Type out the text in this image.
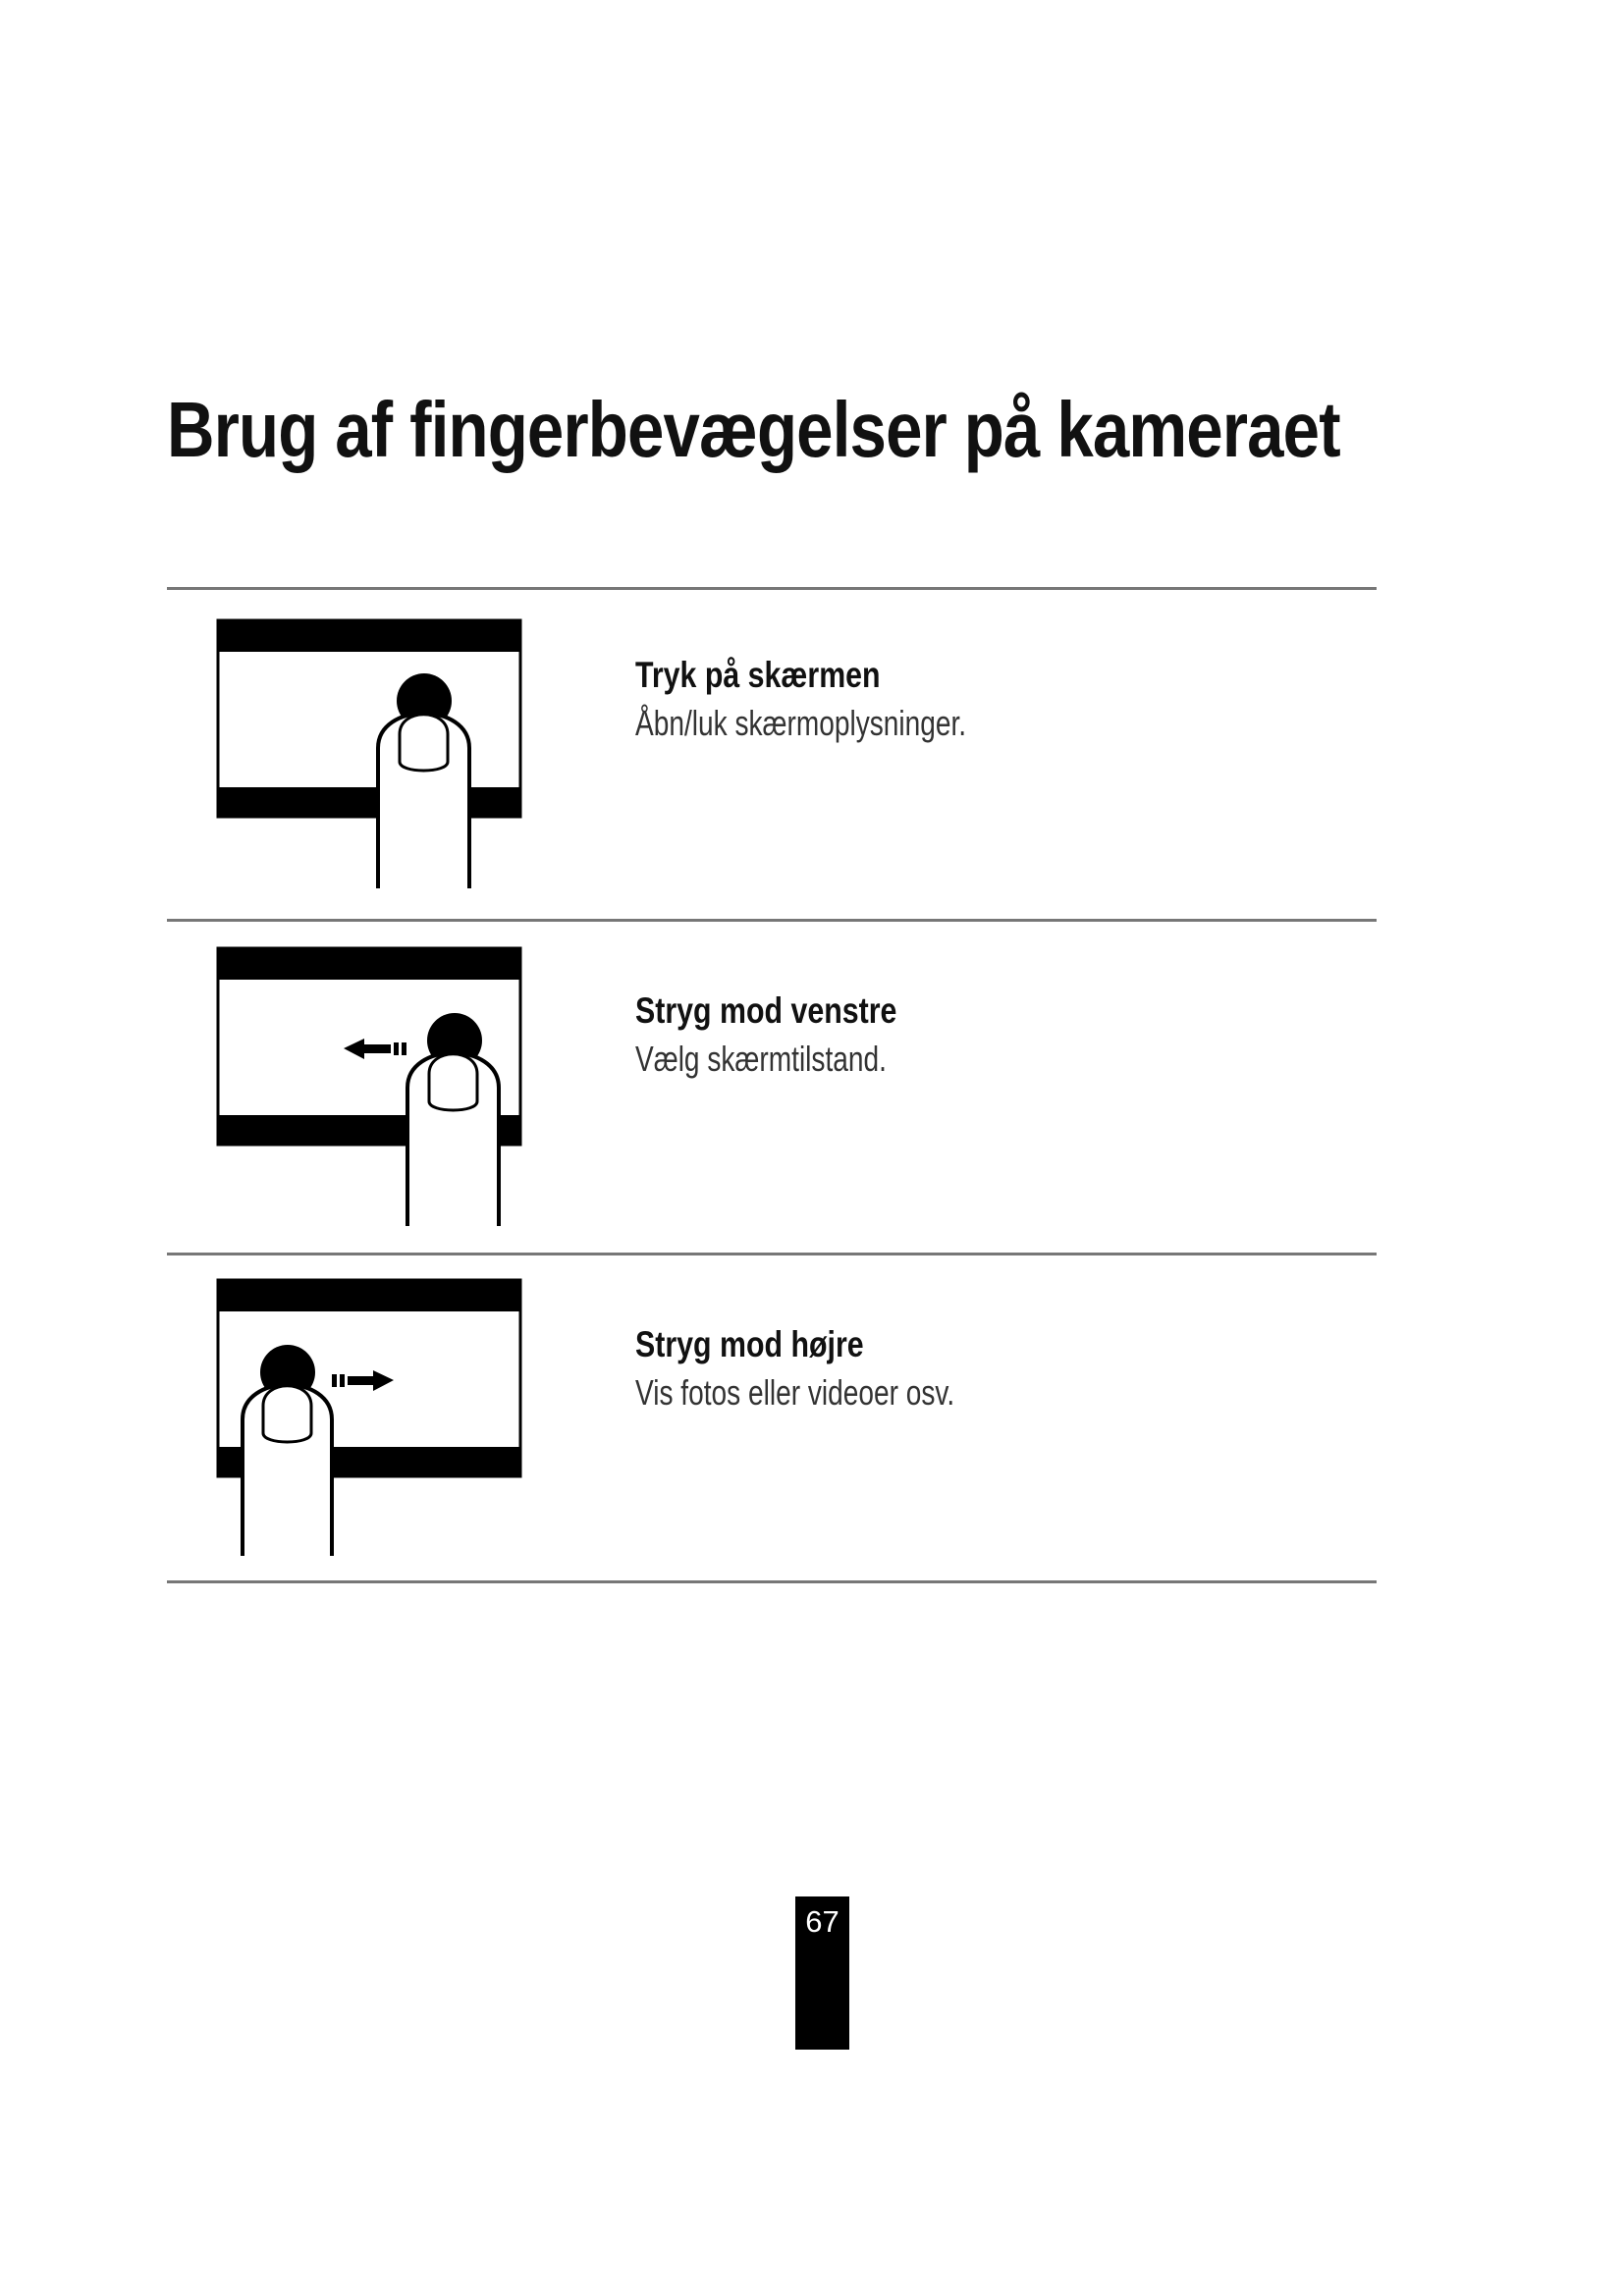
Brug af fingerbevægelser på kameraet

Tryk på skærmen

Åbn/luk skærmoplysninger.

Stryg mod venstre

Vælg skærmtilstand.

Stryg mod højre

Vis fotos eller videoer osv.

67
